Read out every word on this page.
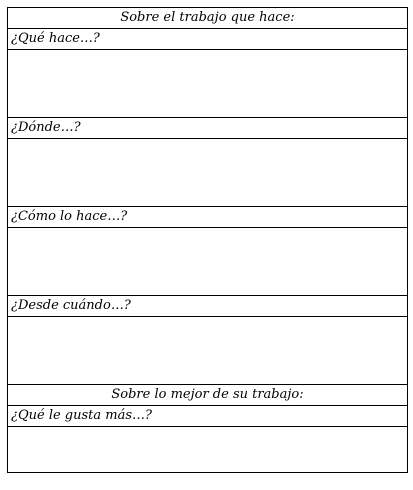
Sobre el trabajo que hace:
¿Qué hace…?
¿Dónde…?
¿Cómo lo hace…?
¿Desde cuándo…?
Sobre lo mejor de su trabajo:
¿Qué le gusta más…?
